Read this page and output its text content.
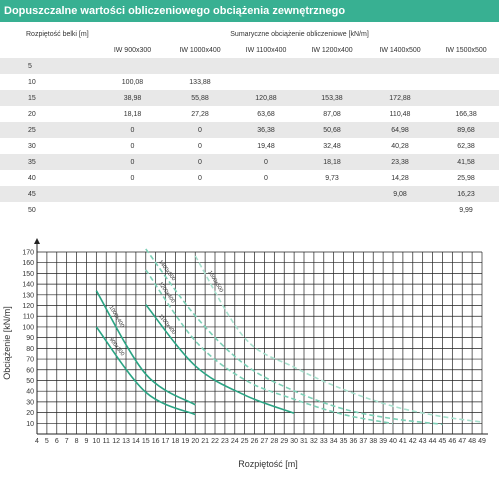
Dopuszczalne wartości obliczeniowego obciążenia zewnętrznego
Rozpiętość belki [m]	Sumaryczne obciążenie obliczeniowe [kN/m]					
	IW 900x300	IW 1000x400	IW 1100x400	IW 1200x400	IW 1400x500	IW 1500x500
5						
10	100,08	133,88				
15	38,98	55,88	120,88	153,38	172,88	
20	18,18	27,28	63,68	87,08	110,48	166,38
25	0	0	36,38	50,68	64,98	89,68
30	0	0	19,48	32,48	40,28	62,38
35	0	0	0	18,18	23,38	41,58
40	0	0	0	9,73	14,28	25,98
45					9,08	16,23
50						9,99
4 5 6 7 8 9 10 11 12 13 14 15 16 17 18 19 20 21 22 23 24 25 26 27 28 29 30 31 32 33 34 35 36 37 38 39 40 41 42 43 44 45 46 47 48 49
10
20
30
40
50
60
70
80
90
100
110
120
130
140
150
160
170
Rozpiętość [m]
Obciążenie [kN/m]	1000x400
900x300
1100x400
1200x400
1400x500	1500x500
